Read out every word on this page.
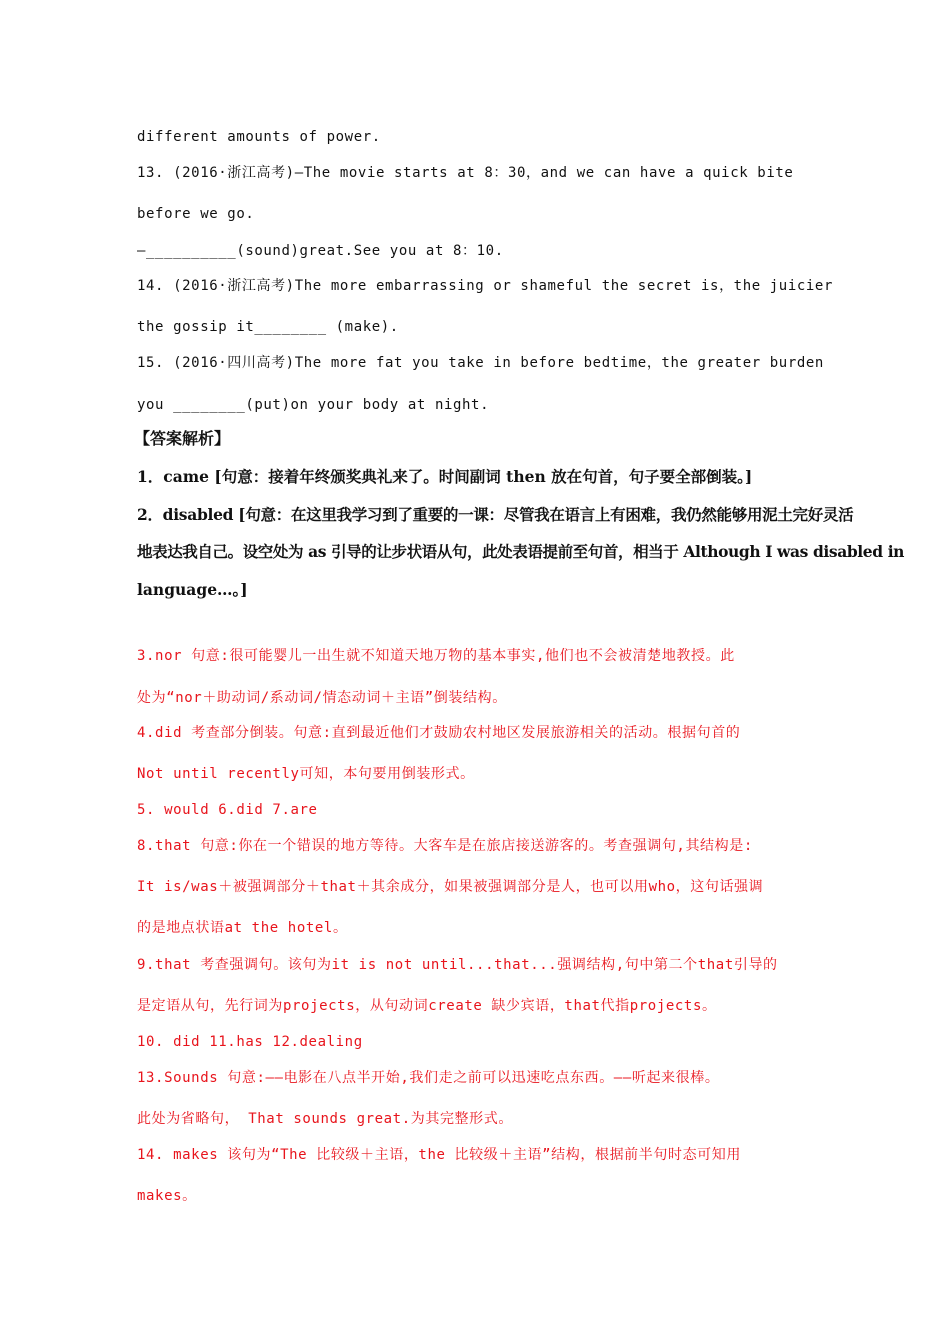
different amounts of power.
13. (2016·浙江高考)—The movie starts at 8：30，and we can have a quick bite
before we go.
—__________(sound)great.See you at 8：10.
14. (2016·浙江高考)The more embarrassing or shameful the secret is，the juicier
the gossip it________ (make).
15. (2016·四川高考)The more fat you take in before bedtime，the greater burden
you ________(put)on your body at night.
【答案解析】
1．came [句意：接着年终颁奖典礼来了。时间副词 then 放在句首，句子要全部倒装。]
2．disabled [句意：在这里我学习到了重要的一课：尽管我在语言上有困难，我仍然能够用泥土完好灵活
地表达我自己。设空处为 as 引导的让步状语从句，此处表语提前至句首，相当于 Although I was disabled in
language…。]
3.nor 句意:很可能婴儿一出生就不知道天地万物的基本事实,他们也不会被清楚地教授。此
处为“nor＋助动词/系动词/情态动词＋主语”倒装结构。
4.did 考查部分倒装。句意:直到最近他们才鼓励农村地区发展旅游相关的活动。根据句首的
Not until recently可知，本句要用倒装形式。
5. would 6.did 7.are
8.that 句意:你在一个错误的地方等待。大客车是在旅店接送游客的。考查强调句,其结构是:
It is/was＋被强调部分＋that＋其余成分，如果被强调部分是人，也可以用who，这句话强调
的是地点状语at the hotel。
9.that 考查强调句。该句为it is not until...that...强调结构,句中第二个that引导的
是定语从句，先行词为projects，从句动词create 缺少宾语，that代指projects。
10. did 11.has 12.dealing
13.Sounds 句意:——电影在八点半开始,我们走之前可以迅速吃点东西。——听起来很棒。
此处为省略句， That sounds great.为其完整形式。
14. makes 该句为“The 比较级＋主语，the 比较级＋主语”结构，根据前半句时态可知用
makes。
